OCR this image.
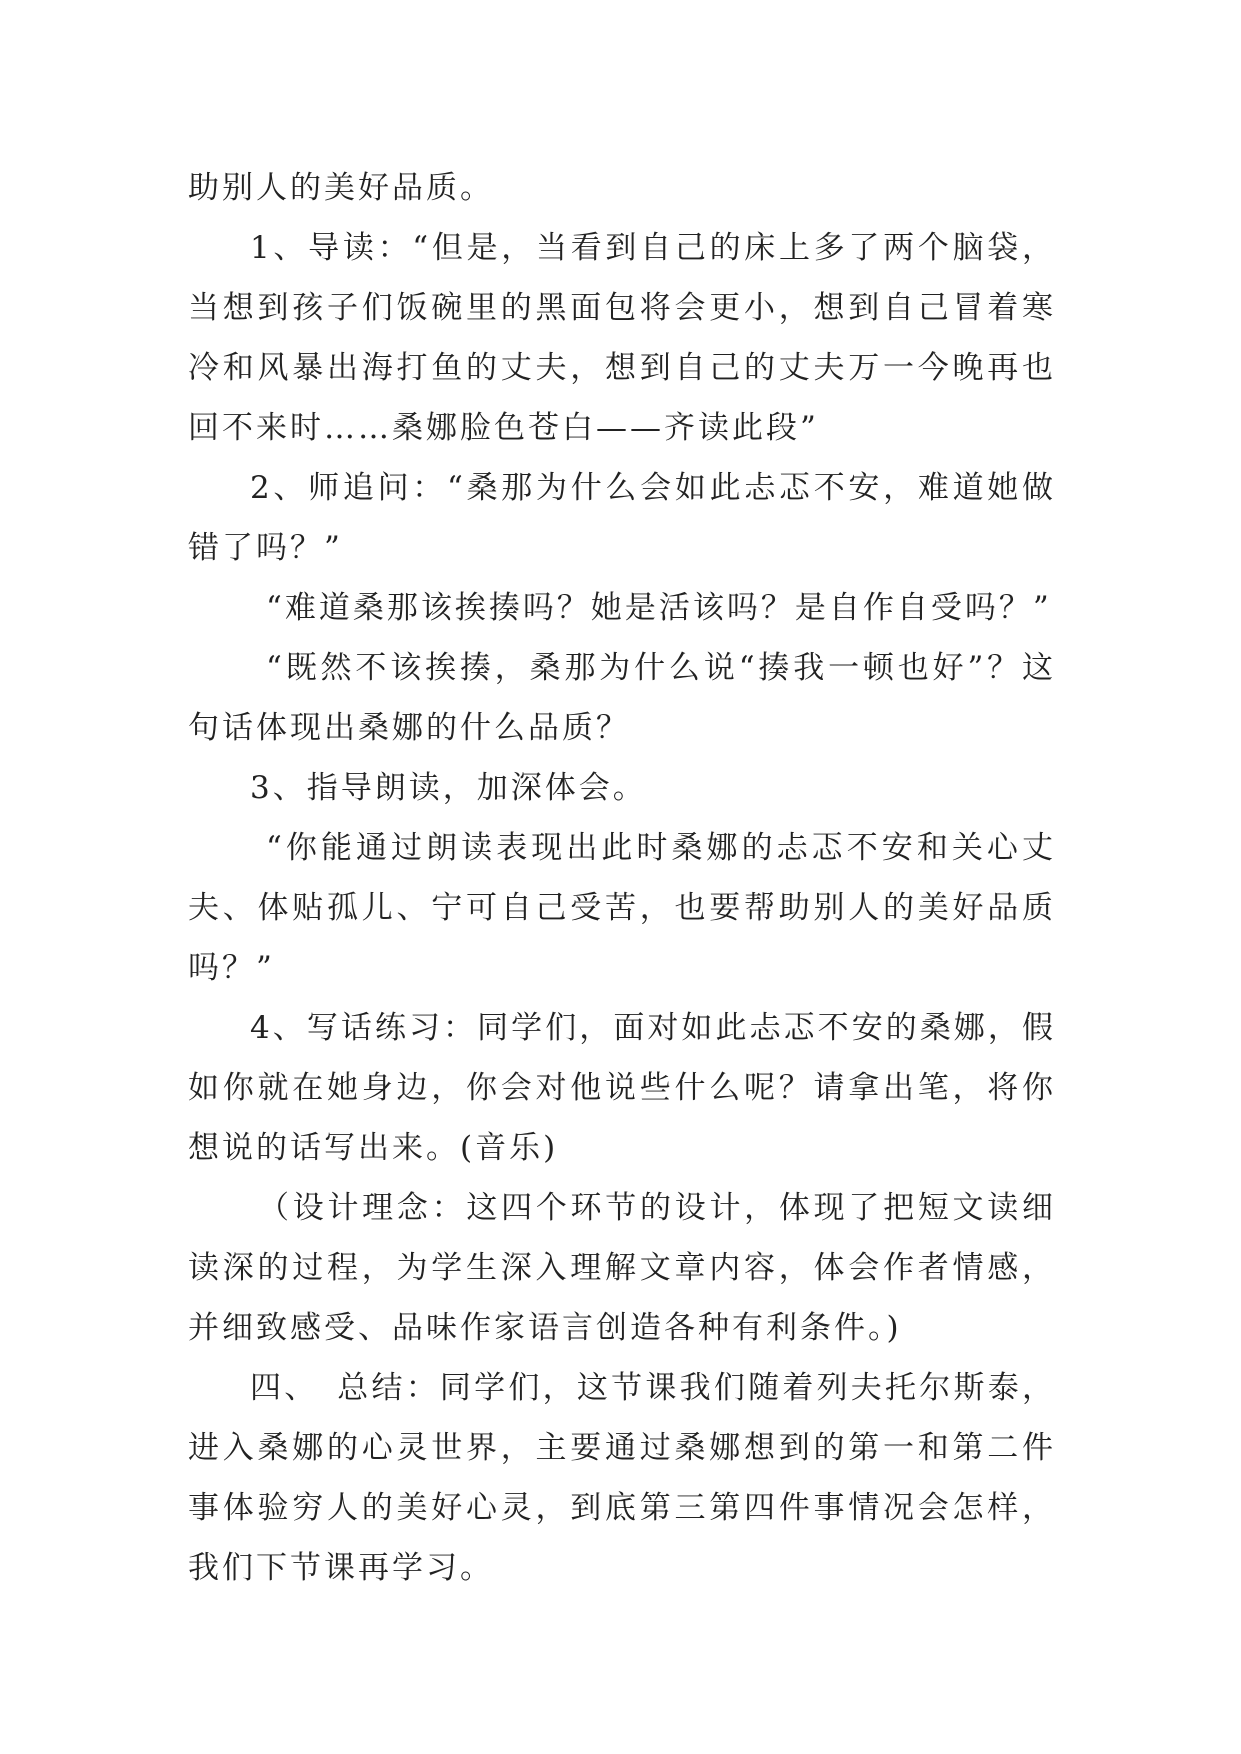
助别人的美好品质。

1、导读：“但是，当看到自己的床上多了两个脑袋，当想到孩子们饭碗里的黑面包将会更小，想到自己冒着寒冷和风暴出海打鱼的丈夫，想到自己的丈夫万一今晚再也回不来时……桑娜脸色苍白——齐读此段”

2、师追问：“桑那为什么会如此忐忑不安，难道她做错了吗？”

“难道桑那该挨揍吗？她是活该吗？是自作自受吗？”

“既然不该挨揍，桑那为什么说“揍我一顿也好”？这句话体现出桑娜的什么品质？

3、指导朗读，加深体会。

“你能通过朗读表现出此时桑娜的忐忑不安和关心丈夫、体贴孤儿、宁可自己受苦，也要帮助别人的美好品质吗？”

4、写话练习：同学们，面对如此忐忑不安的桑娜，假如你就在她身边，你会对他说些什么呢？请拿出笔，将你想说的话写出来。(音乐)

（设计理念：这四个环节的设计，体现了把短文读细读深的过程，为学生深入理解文章内容，体会作者情感，并细致感受、品味作家语言创造各种有利条件。)

四、　总结：同学们，这节课我们随着列夫托尔斯泰，进入桑娜的心灵世界，主要通过桑娜想到的第一和第二件事体验穷人的美好心灵，到底第三第四件事情况会怎样，我们下节课再学习。
